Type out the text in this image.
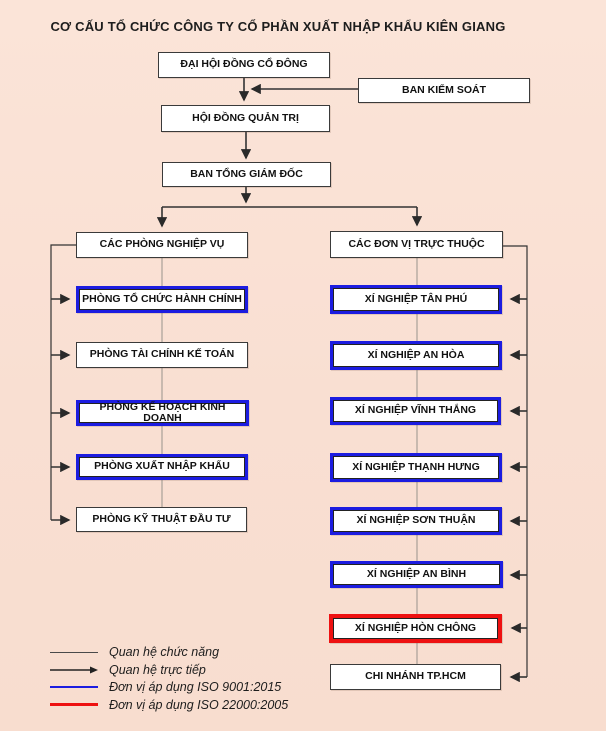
CƠ CẤU TỔ CHỨC CÔNG TY CỔ PHẦN XUẤT NHẬP KHẨU KIÊN GIANG
ĐẠI HỘI ĐỒNG CỔ ĐÔNG
BAN KIỂM SOÁT
HỘI ĐỒNG QUẢN TRỊ
BAN TỔNG GIÁM ĐỐC
CÁC PHÒNG NGHIỆP VỤ
PHÒNG TỔ CHỨC HÀNH CHÍNH
PHÒNG TÀI CHÍNH KẾ TOÁN
PHÒNG KẾ HOẠCH KINH DOANH
PHÒNG XUẤT NHẬP KHẨU
PHÒNG KỸ THUẬT ĐẦU TƯ
CÁC ĐƠN VỊ TRỰC THUỘC
XÍ NGHIỆP TÂN PHÚ
XÍ NGHIỆP AN HÒA
XÍ NGHIỆP VĨNH THẮNG
XÍ NGHIỆP THẠNH HƯNG
XÍ NGHIỆP SƠN THUẬN
XÍ NGHIỆP AN BÌNH
XÍ NGHIỆP HÒN CHÔNG
CHI NHÁNH TP.HCM
Quan hệ chức năng
Quan hệ trực tiếp
Đơn vị áp dụng ISO 9001:2015
Đơn vị áp dụng ISO 22000:2005
